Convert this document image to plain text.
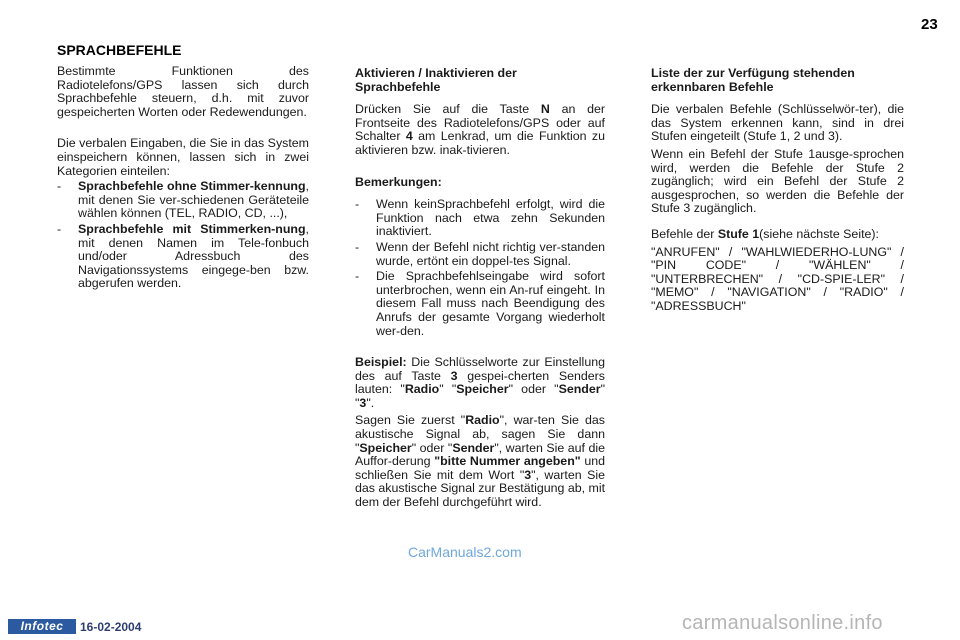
23
SPRACHBEFEHLE

Bestimmte Funktionen des Radiotelefons/GPS lassen sich durch Sprachbefehle steuern, d.h. mit zuvor gespeicherten Worten oder Redewendungen.

Die verbalen Eingaben, die Sie in das System einspeichern können, lassen sich in zwei Kategorien einteilen:

- Sprachbefehle ohne Stimmer-kennung, mit denen Sie ver-schiedenen Geräteteile wählen können (TEL, RADIO, CD, ...),
- Sprachbefehle mit Stimmerken-nung, mit denen Namen im Tele-fonbuch und/oder Adressbuch des Navigationssystems eingege-ben bzw. abgerufen werden.
Aktivieren / Inaktivieren der Sprachbefehle

Drücken Sie auf die Taste N an der Frontseite des Radiotelefons/GPS oder auf Schalter 4 am Lenkrad, um die Funktion zu aktivieren bzw. inak-tivieren.

Bemerkungen:
- Wenn keinSprachbefehl erfolgt, wird die Funktion nach etwa zehn Sekunden inaktiviert.
- Wenn der Befehl nicht richtig ver-standen wurde, ertönt ein doppel-tes Signal.
- Die Sprachbefehlseingabe wird sofort unterbrochen, wenn ein An-ruf eingeht. In diesem Fall muss nach Beendigung des Anrufs der gesamte Vorgang wiederholt wer-den.

Beispiel: Die Schlüsselworte zur Einstellung des auf Taste 3 gespei-cherten Senders lauten: "Radio" "Speicher" oder "Sender" "3".

Sagen Sie zuerst "Radio", war-ten Sie das akustische Signal ab, sagen Sie dann "Speicher" oder "Sender", warten Sie auf die Auffor-derung "bitte Nummer angeben" und schließen Sie mit dem Wort "3", warten Sie das akustische Signal zur Bestätigung ab, mit dem der Befehl durchgeführt wird.

Liste der zur Verfügung stehenden erkennbaren Befehle

Die verbalen Befehle (Schlüsselwör-ter), die das System erkennen kann, sind in drei Stufen eingeteilt (Stufe 1, 2 und 3).

Wenn ein Befehl der Stufe 1ausge-sprochen wird, werden die Befehle der Stufe 2 zugänglich; wird ein Befehl der Stufe 2 ausgesprochen, so werden die Befehle der Stufe 3 zugänglich.

Befehle der Stufe 1(siehe nächste Seite):

"ANRUFEN" / "WAHLWIEDERHO-LUNG" / "PIN CODE" / "WÄHLEN" / "UNTERBRECHEN" / "CD-SPIE-LER" / "MEMO" / "NAVIGATION" / "RADIO" / "ADRESSBUCH"

CarManuals2.com
Infotec	16-02-2004	carmanualsonline.info
